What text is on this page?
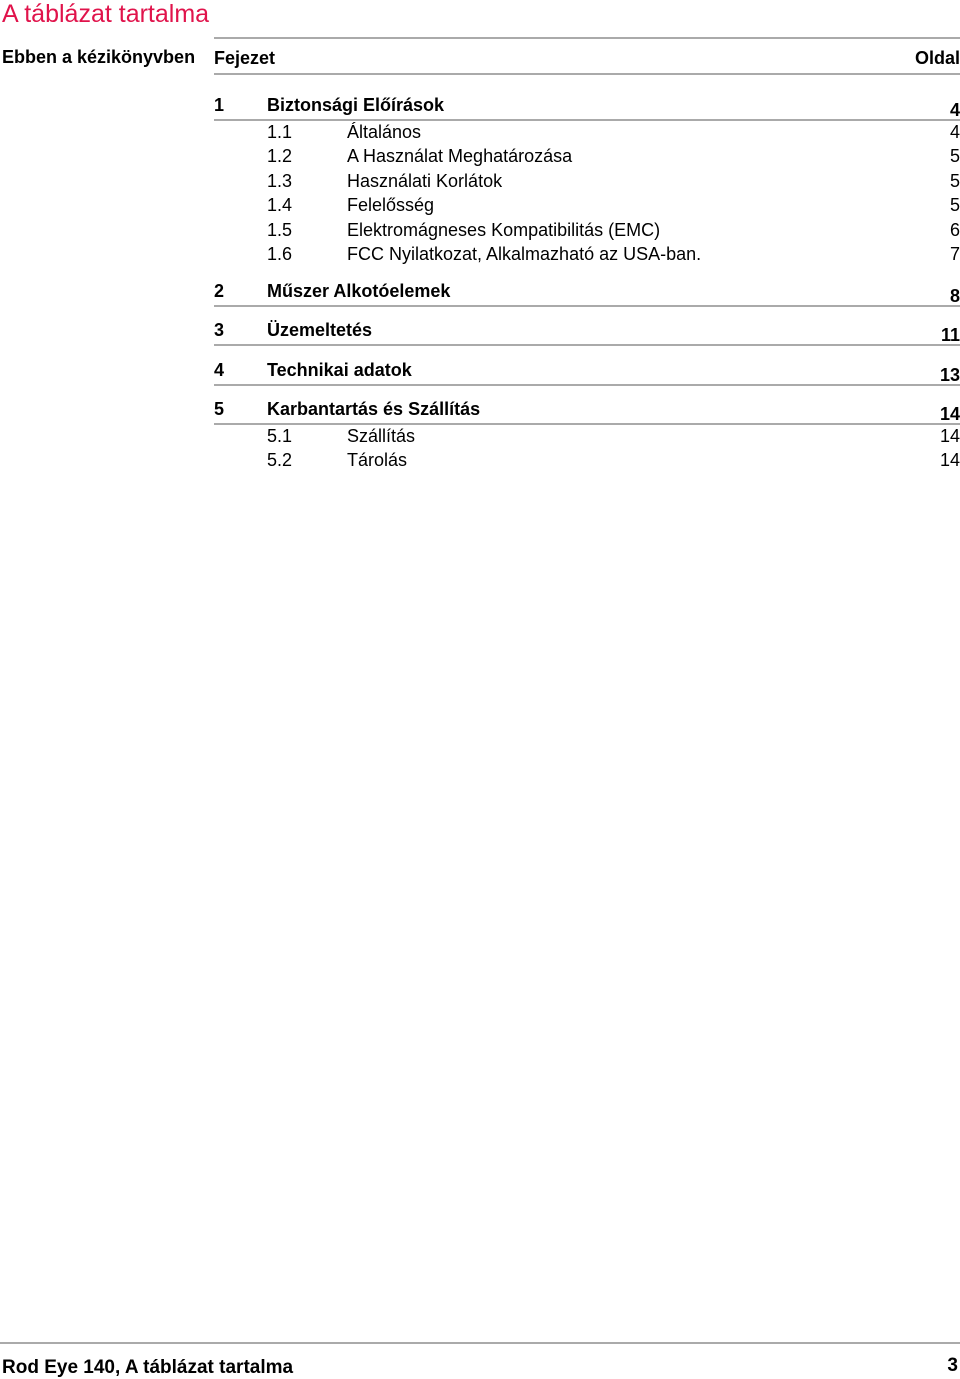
A táblázat tartalma
Ebben a kézikönyvben	Fejezet	Oldal
1 Biztonsági Előírások	4
1.1	Általános	4
1.2	A Használat Meghatározása	5
1.3	Használati Korlátok	5
1.4	Felelősség	5
1.5	Elektromágneses Kompatibilitás (EMC)	6
1.6	FCC Nyilatkozat, Alkalmazható az USA-ban.	7
2 Műszer Alkotóelemek	8
3 Üzemeltetés	11
4 Technikai adatok	13
5 Karbantartás és Szállítás	14
5.1	Szállítás	14
5.2	Tárolás	14
Rod Eye 140, A táblázat tartalma	3
